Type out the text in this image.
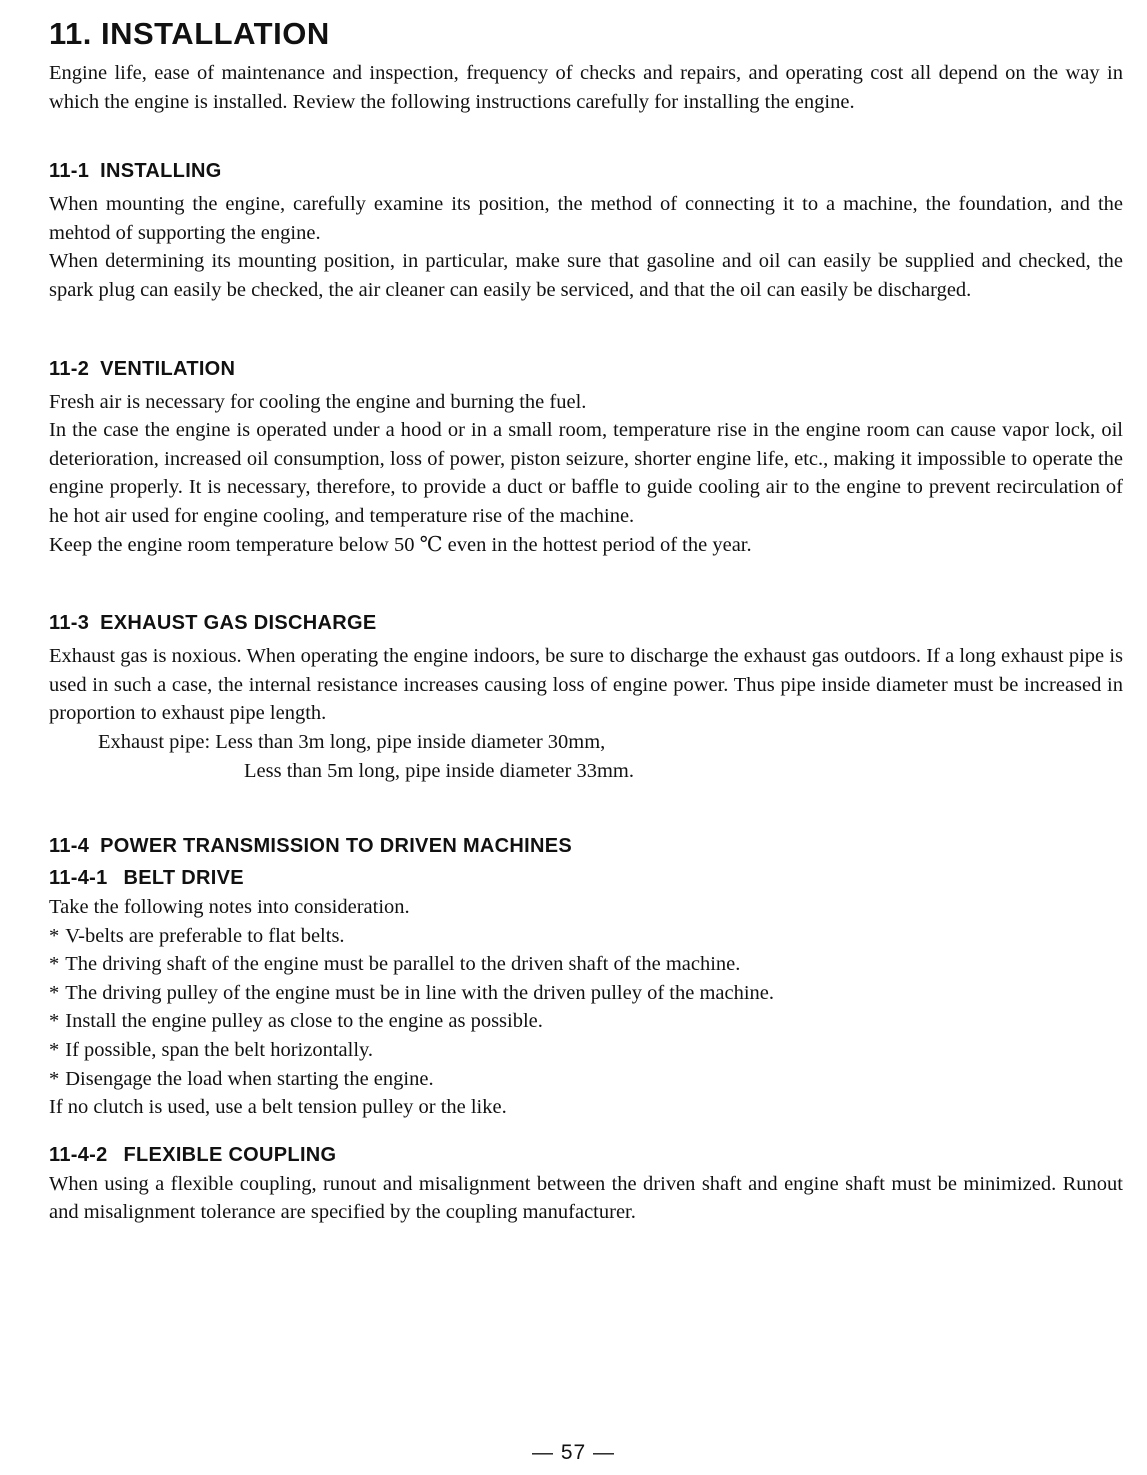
11. INSTALLATION

Engine life, ease of maintenance and inspection, frequency of checks and repairs, and operating cost all depend on the way in which the engine is installed. Review the following instructions carefully for installing the engine.

11-1 INSTALLING

When mounting the engine, carefully examine its position, the method of connecting it to a machine, the foundation, and the mehtod of supporting the engine.

When determining its mounting position, in particular, make sure that gasoline and oil can easily be supplied and checked, the spark plug can easily be checked, the air cleaner can easily be serviced, and that the oil can easily be discharged.

11-2 VENTILATION

Fresh air is necessary for cooling the engine and burning the fuel.

In the case the engine is operated under a hood or in a small room, temperature rise in the engine room can cause vapor lock, oil deterioration, increased oil consumption, loss of power, piston seizure, shorter engine life, etc., making it impossible to operate the engine properly. It is necessary, therefore, to provide a duct or baffle to guide cooling air to the engine to prevent recirculation of he hot air used for engine cooling, and temperature rise of the machine.

Keep the engine room temperature below 50 ℃ even in the hottest period of the year.

11-3 EXHAUST GAS DISCHARGE

Exhaust gas is noxious. When operating the engine indoors, be sure to discharge the exhaust gas outdoors. If a long exhaust pipe is used in such a case, the internal resistance increases causing loss of engine power. Thus pipe inside diameter must be increased in proportion to exhaust pipe length.

Exhaust pipe: Less than 3m long, pipe inside diameter 30mm,

Less than 5m long, pipe inside diameter 33mm.

11-4 POWER TRANSMISSION TO DRIVEN MACHINES
11-4-1 BELT DRIVE

Take the following notes into consideration.

* V-belts are preferable to flat belts.
* The driving shaft of the engine must be parallel to the driven shaft of the machine.
* The driving pulley of the engine must be in line with the driven pulley of the machine.
* Install the engine pulley as close to the engine as possible.
* If possible, span the belt horizontally.
* Disengage the load when starting the engine.

If no clutch is used, use a belt tension pulley or the like.

11-4-2 FLEXIBLE COUPLING

When using a flexible coupling, runout and misalignment between the driven shaft and engine shaft must be minimized. Runout and misalignment tolerance are specified by the coupling manufacturer.

— 57 —
